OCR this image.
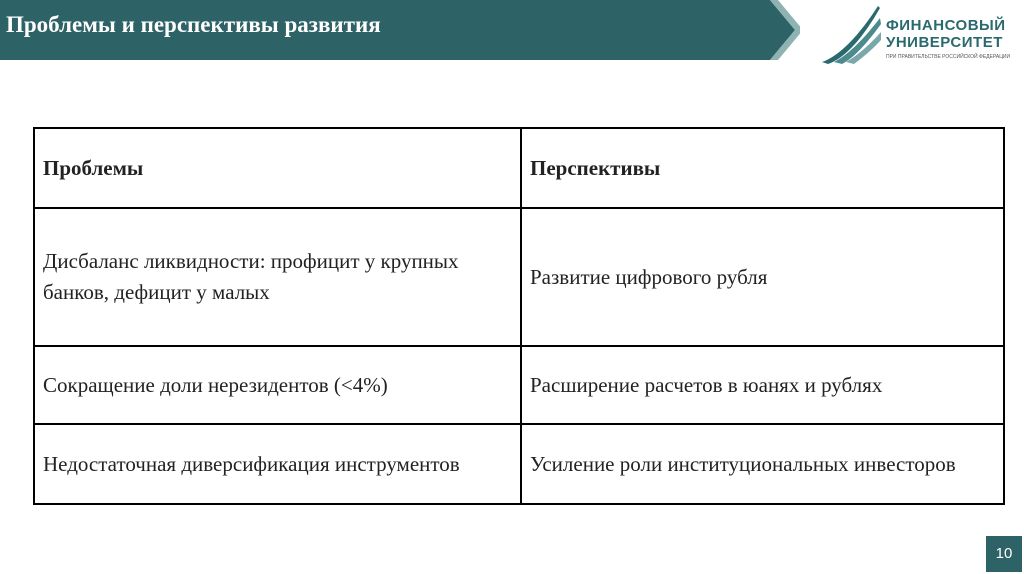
Проблемы и перспективы развития	ФИНАНСОВЫЙ
УНИВЕРСИТЕТ
ПРИ ПРАВИТЕЛЬСТВЕ РОССИЙСКОЙ ФЕДЕРАЦИИ
Проблемы	Перспективы
Дисбаланс ликвидности: профицит у крупных банков, дефицит у малых	Развитие цифрового рубля
Сокращение доли нерезидентов (<4%)	Расширение расчетов в юанях и рублях
Недостаточная диверсификация инструментов	Усиление роли институциональных инвесторов
10
